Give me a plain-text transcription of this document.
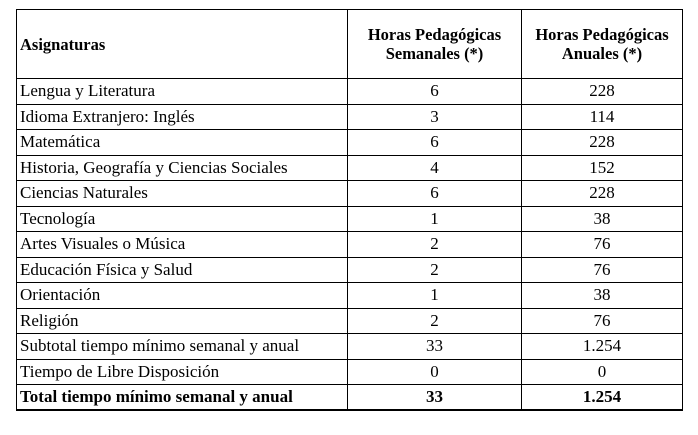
Asignaturas	Horas Pedagógicas Semanales (*)	Horas Pedagógicas Anuales (*)
Lengua y Literatura	6	228
Idioma Extranjero: Inglés	3	114
Matemática	6	228
Historia, Geografía y Ciencias Sociales	4	152
Ciencias Naturales	6	228
Tecnología	1	38
Artes Visuales o Música	2	76
Educación Física y Salud	2	76
Orientación	1	38
Religión	2	76
Subtotal tiempo mínimo semanal y anual	33	1.254
Tiempo de Libre Disposición	0	0
Total tiempo mínimo semanal y anual	33	1.254
